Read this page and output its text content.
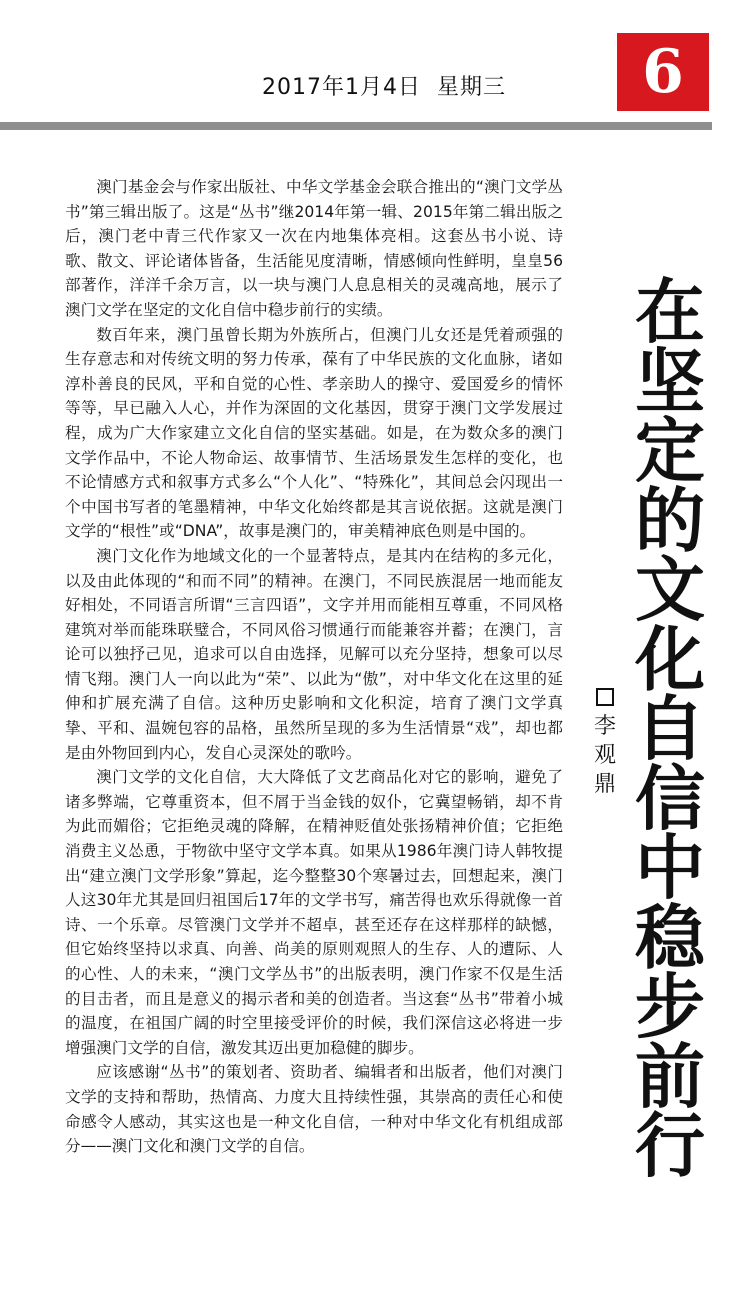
2017年1月4日  星期三	6

澳门基金会与作家出版社、中华文学基金会联合推出的“澳门文学丛书”第三辑出版了。这是“丛书”继2014年第一辑、2015年第二辑出版之后，澳门老中青三代作家又一次在内地集体亮相。这套丛书小说、诗歌、散文、评论诸体皆备，生活能见度清晰，情感倾向性鲜明，皇皇56部著作，洋洋千余万言，以一块与澳门人息息相关的灵魂高地，展示了澳门文学在坚定的文化自信中稳步前行的实绩。

数百年来，澳门虽曾长期为外族所占，但澳门儿女还是凭着顽强的生存意志和对传统文明的努力传承，葆有了中华民族的文化血脉，诸如淳朴善良的民风，平和自觉的心性、孝亲助人的操守、爱国爱乡的情怀等等，早已融入人心，并作为深固的文化基因，贯穿于澳门文学发展过程，成为广大作家建立文化自信的坚实基础。如是，在为数众多的澳门文学作品中，不论人物命运、故事情节、生活场景发生怎样的变化，也不论情感方式和叙事方式多么“个人化”、“特殊化”，其间总会闪现出一个中国书写者的笔墨精神，中华文化始终都是其言说依据。这就是澳门文学的“根性”或“DNA”，故事是澳门的，审美精神底色则是中国的。

澳门文化作为地域文化的一个显著特点，是其内在结构的多元化，以及由此体现的“和而不同”的精神。在澳门，不同民族混居一地而能友好相处，不同语言所谓“三言四语”，文字并用而能相互尊重，不同风格建筑对举而能珠联璧合，不同风俗习惯通行而能兼容并蓄；在澳门，言论可以独抒己见，追求可以自由选择，见解可以充分坚持，想象可以尽情飞翔。澳门人一向以此为“荣”、以此为“傲”，对中华文化在这里的延伸和扩展充满了自信。这种历史影响和文化积淀，培育了澳门文学真挚、平和、温婉包容的品格，虽然所呈现的多为生活情景“戏”，却也都是由外物回到内心，发自心灵深处的歌吟。

澳门文学的文化自信，大大降低了文艺商品化对它的影响，避免了诸多弊端，它尊重资本，但不屑于当金钱的奴仆，它冀望畅销，却不肯为此而媚俗；它拒绝灵魂的降解，在精神贬值处张扬精神价值；它拒绝消费主义怂恿，于物欲中坚守文学本真。如果从1986年澳门诗人韩牧提出“建立澳门文学形象”算起，迄今整整30个寒暑过去，回想起来，澳门人这30年尤其是回归祖国后17年的文学书写，痛苦得也欢乐得就像一首诗、一个乐章。尽管澳门文学并不超卓，甚至还存在这样那样的缺憾，但它始终坚持以求真、向善、尚美的原则观照人的生存、人的遭际、人的心性、人的未来，“澳门文学丛书”的出版表明，澳门作家不仅是生活的目击者，而且是意义的揭示者和美的创造者。当这套“丛书”带着小城的温度，在祖国广阔的时空里接受评价的时候，我们深信这必将进一步增强澳门文学的自信，激发其迈出更加稳健的脚步。

应该感谢“丛书”的策划者、资助者、编辑者和出版者，他们对澳门文学的支持和帮助，热情高、力度大且持续性强，其崇高的责任心和使命感令人感动，其实这也是一种文化自信，一种对中华文化有机组成部分——澳门文化和澳门文学的自信。

在
坚
定
的
文
化
自
信
中
稳
步
前
行
李
观
鼎
